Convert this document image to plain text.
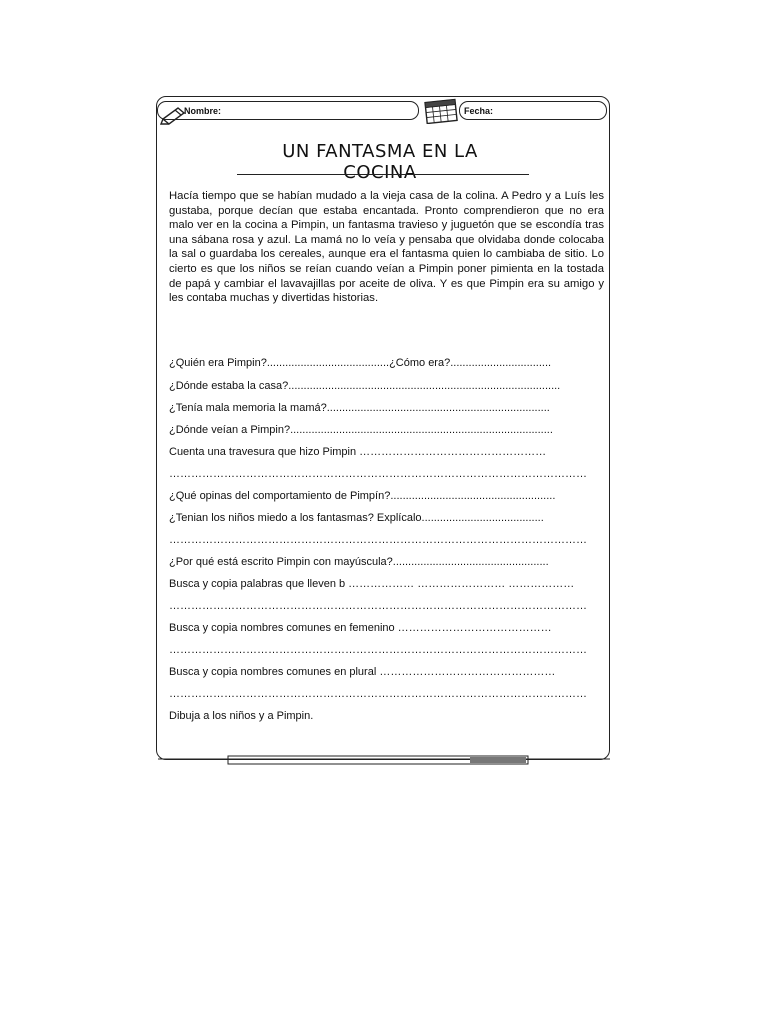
Nombre:	Fecha:
UN FANTASMA EN LA COCINA
Hacía tiempo que se habían mudado a la vieja casa de la colina. A Pedro y a Luís les gustaba, porque decían que estaba encantada. Pronto comprendieron que no era malo ver en la cocina a Pimpin, un fantasma travieso y juguetón que se escondía tras una sábana rosa y azul. La mamá no lo veía y pensaba que olvidaba donde colocaba la sal o guardaba los cereales, aunque era el fantasma quien lo cambiaba de sitio. Lo cierto es que los niños se reían cuando veían a Pimpin poner pimienta en la tostada de papá y cambiar el lavavajillas por aceite de oliva. Y es que Pimpin era su amigo y les contaba muchas y divertidas historias.
¿Quién era Pimpin?........................................¿Cómo era?.................................
¿Dónde estaba la casa?.........................................................................................
¿Tenía mala memoria la mamá?.........................................................................
¿Dónde veían a Pimpin?......................................................................................
Cuenta una travesura que hizo Pimpin ……………………………………………
……………………………………………………………………………………………………
¿Qué opinas del comportamiento de Pimpín?......................................................
¿Tenian los niños miedo a los fantasmas? Explícalo........................................
……………………………………………………………………………………………………
¿Por qué está escrito Pimpin con mayúscula?...................................................
Busca y copia palabras que lleven b ……………… …………………… ………………
……………………………………………………………………………………………………
Busca y copia nombres comunes en femenino ……………………………………
……………………………………………………………………………………………………
Busca y copia nombres comunes en plural …………………………………………
……………………………………………………………………………………………………
Dibuja a los niños y a Pimpin.
